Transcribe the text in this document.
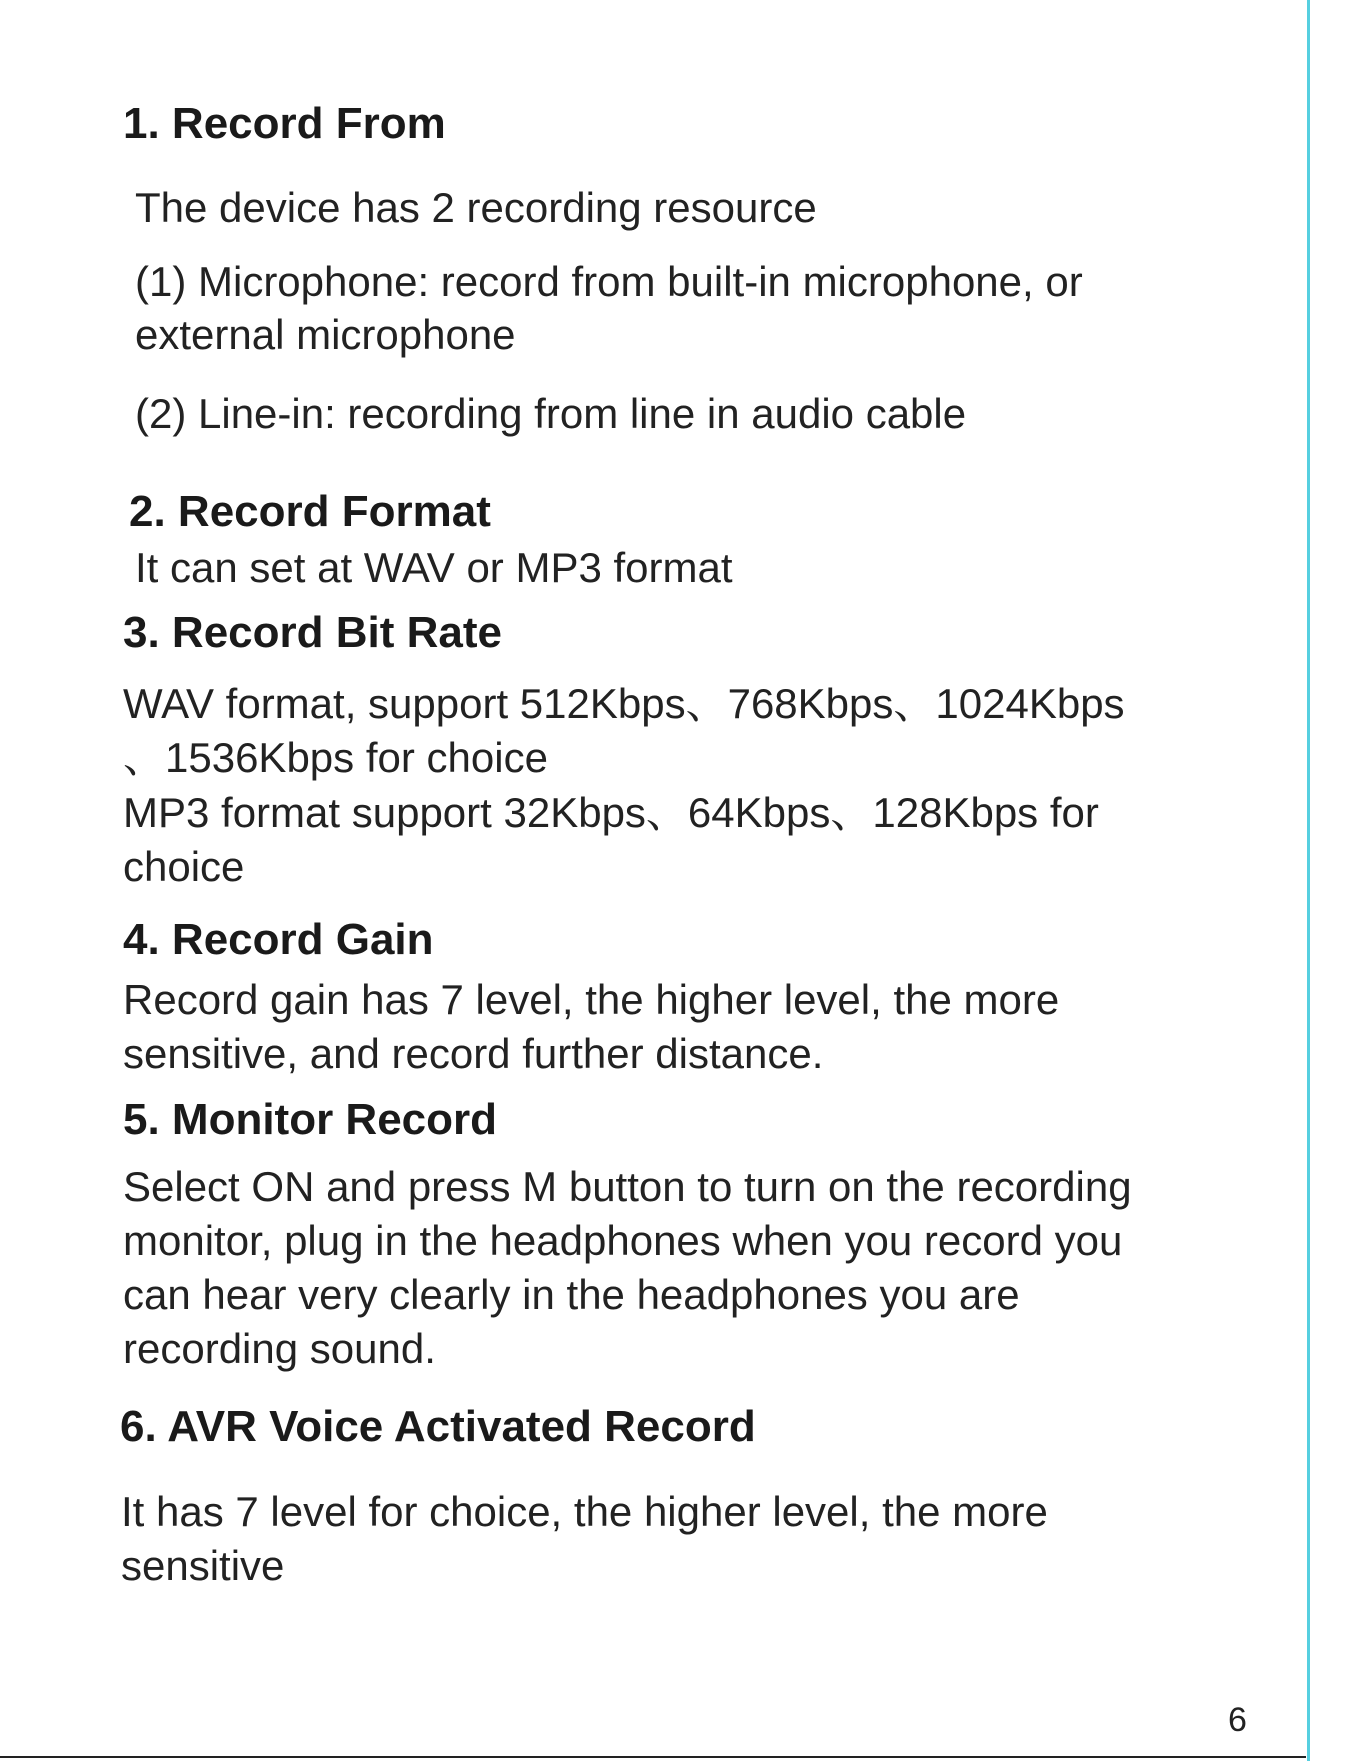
1. Record From

The device has 2 recording resource

(1) Microphone: record from built-in microphone, or

external microphone

(2) Line-in: recording from line in audio cable

2. Record Format

It can set at WAV or MP3 format

3. Record Bit Rate

WAV format, support 512Kbps、768Kbps、1024Kbps

、1536Kbps for choice

MP3 format support 32Kbps、64Kbps、128Kbps for

choice

4. Record Gain

Record gain has 7 level, the higher level, the more

sensitive, and record further distance.

5. Monitor Record

Select ON and press M button to turn on the recording

monitor, plug in the headphones when you record you

can hear very clearly in the headphones you are

recording sound.

6. AVR Voice Activated Record

It has 7 level for choice, the higher level, the more

sensitive

6
